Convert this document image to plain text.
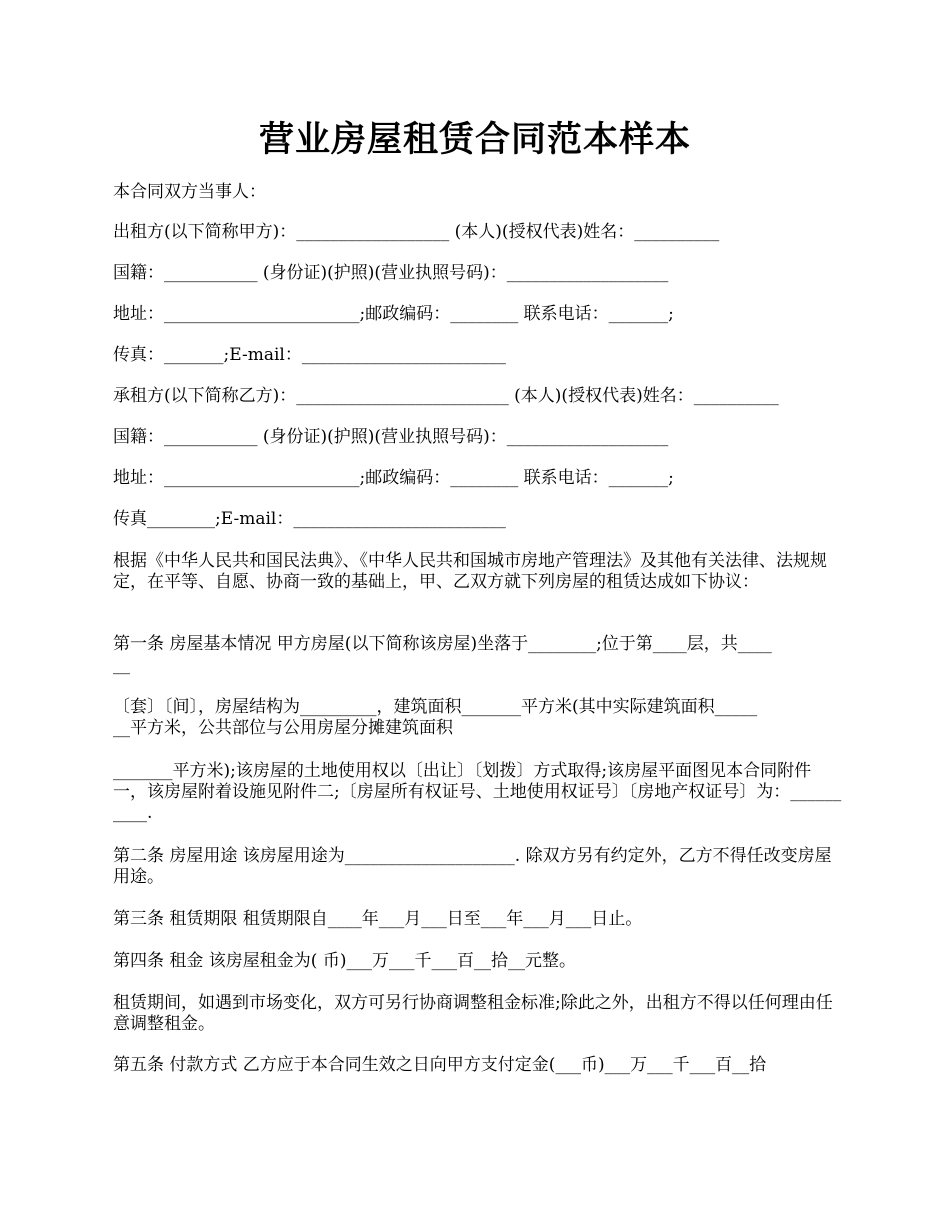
营业房屋租赁合同范本样本

本合同双方当事人：

出租方(以下简称甲方)：__________________ (本人)(授权代表)姓名：__________

国籍：___________ (身份证)(护照)(营业执照号码)：___________________

地址：_______________________;邮政编码：________ 联系电话：_______;

传真：_______;E-mail：________________________

承租方(以下简称乙方)：_________________________ (本人)(授权代表)姓名：__________

国籍：___________ (身份证)(护照)(营业执照号码)：___________________

地址：_______________________;邮政编码：________ 联系电话：_______;

传真________;E-mail：_________________________

根据《中华人民共和国民法典》、《中华人民共和国城市房地产管理法》及其他有关法律、法规规定，在平等、自愿、协商一致的基础上，甲、乙双方就下列房屋的租赁达成如下协议：

第一条 房屋基本情况 甲方房屋(以下简称该房屋)坐落于________;位于第____层，共____
__

〔套〕〔间〕，房屋结构为_________，建筑面积_______平方米(其中实际建筑面积_____
__平方米，公共部位与公用房屋分摊建筑面积

_______平方米);该房屋的土地使用权以〔出让〕〔划拨〕方式取得;该房屋平面图见本合同附件一，该房屋附着设施见附件二;〔房屋所有权证号、土地使用权证号〕〔房地产权证号〕为：__________.

第二条 房屋用途 该房屋用途为____________________. 除双方另有约定外，乙方不得任改变房屋用途。

第三条 租赁期限 租赁期限自____年___月___日至___年___月___日止。

第四条 租金 该房屋租金为( 币)___万___千___百__拾__元整。

租赁期间，如遇到市场变化，双方可另行协商调整租金标准;除此之外，出租方不得以任何理由任意调整租金。

第五条 付款方式 乙方应于本合同生效之日向甲方支付定金(___币)___万___千___百__拾
